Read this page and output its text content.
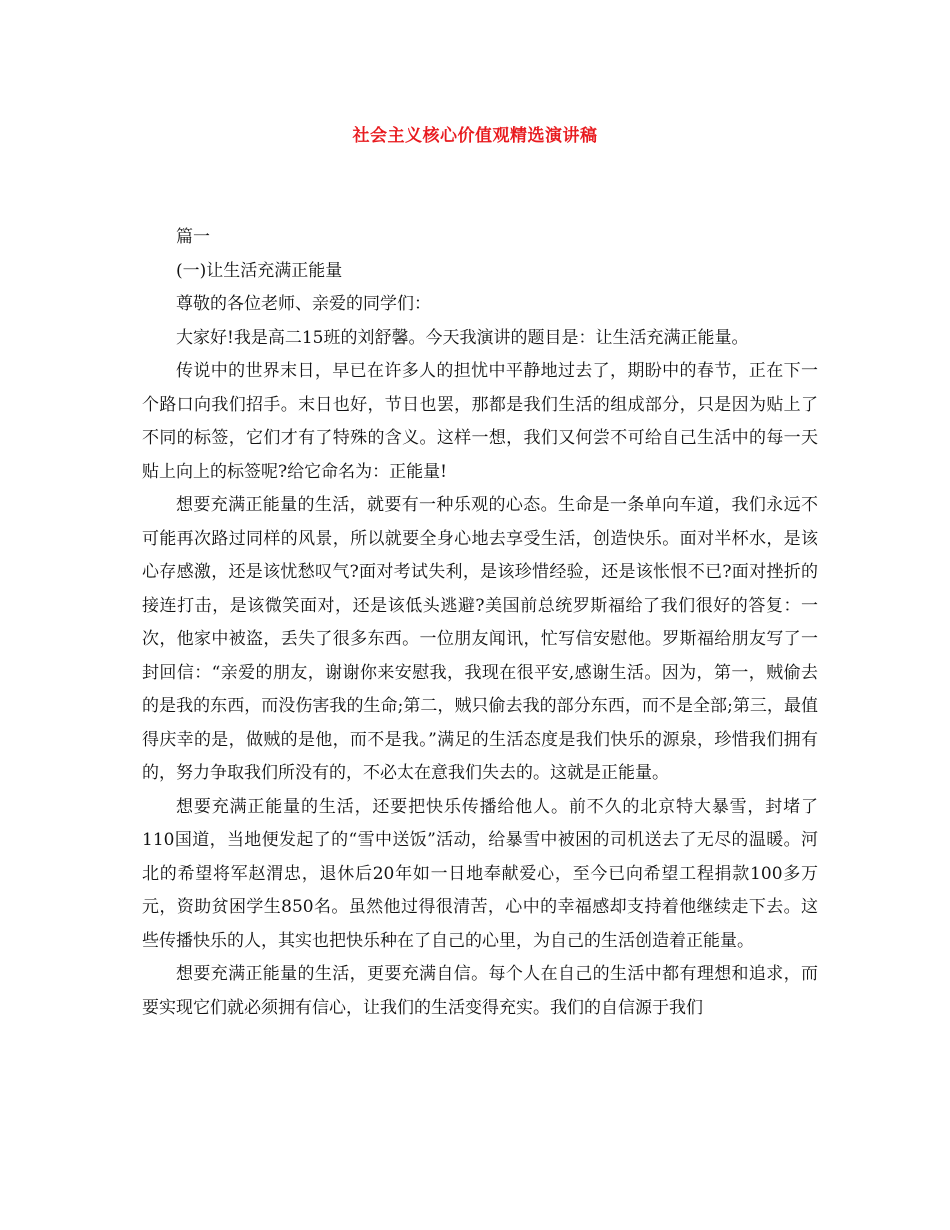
社会主义核心价值观精选演讲稿

篇一

(一)让生活充满正能量

尊敬的各位老师、亲爱的同学们：

大家好!我是高二15班的刘舒馨。今天我演讲的题目是：让生活充满正能量。

传说中的世界末日，早已在许多人的担忧中平静地过去了，期盼中的春节，正在下一个路口向我们招手。末日也好，节日也罢，那都是我们生活的组成部分，只是因为贴上了不同的标签，它们才有了特殊的含义。这样一想，我们又何尝不可给自己生活中的每一天贴上向上的标签呢?给它命名为：正能量!

想要充满正能量的生活，就要有一种乐观的心态。生命是一条单向车道，我们永远不可能再次路过同样的风景，所以就要全身心地去享受生活，创造快乐。面对半杯水，是该心存感激，还是该忧愁叹气?面对考试失利，是该珍惜经验，还是该怅恨不已?面对挫折的接连打击，是该微笑面对，还是该低头逃避?美国前总统罗斯福给了我们很好的答复：一次，他家中被盗，丢失了很多东西。一位朋友闻讯，忙写信安慰他。罗斯福给朋友写了一封回信：“亲爱的朋友，谢谢你来安慰我，我现在很平安,感谢生活。因为，第一，贼偷去的是我的东西，而没伤害我的生命;第二，贼只偷去我的部分东西，而不是全部;第三，最值得庆幸的是，做贼的是他，而不是我。”满足的生活态度是我们快乐的源泉，珍惜我们拥有的，努力争取我们所没有的，不必太在意我们失去的。这就是正能量。

想要充满正能量的生活，还要把快乐传播给他人。前不久的北京特大暴雪，封堵了110国道，当地便发起了的“雪中送饭”活动，给暴雪中被困的司机送去了无尽的温暖。河北的希望将军赵渭忠，退休后20年如一日地奉献爱心，至今已向希望工程捐款100多万元，资助贫困学生850名。虽然他过得很清苦，心中的幸福感却支持着他继续走下去。这些传播快乐的人，其实也把快乐种在了自己的心里，为自己的生活创造着正能量。

想要充满正能量的生活，更要充满自信。每个人在自己的生活中都有理想和追求，而要实现它们就必须拥有信心，让我们的生活变得充实。我们的自信源于我们
